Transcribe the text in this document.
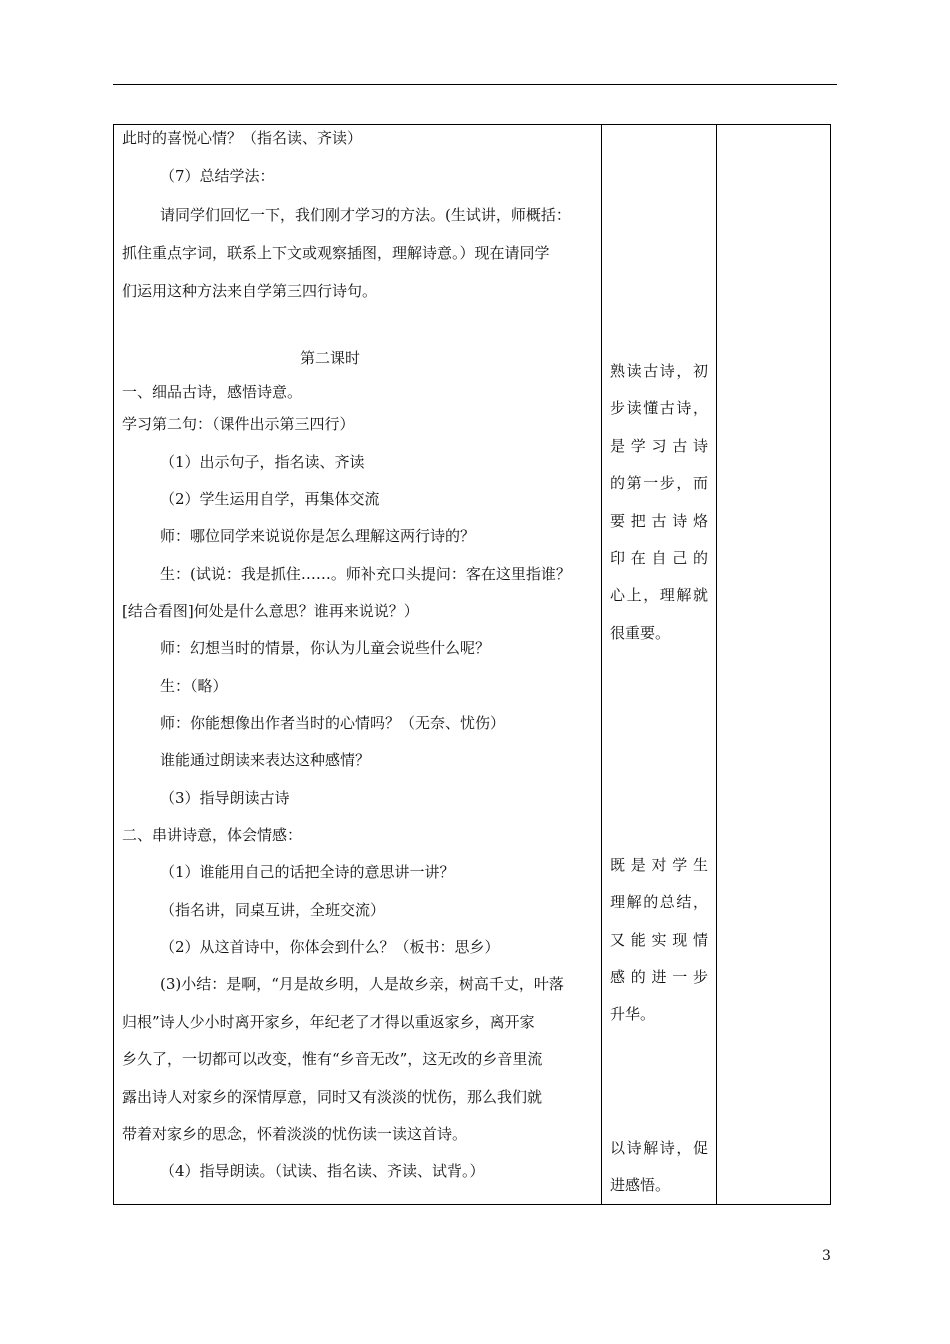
此时的喜悦心情？（指名读、齐读）
（7）总结学法：
请同学们回忆一下，我们刚才学习的方法。(生试讲，师概括：
抓住重点字词，联系上下文或观察插图，理解诗意。）现在请同学
们运用这种方法来自学第三四行诗句。
第二课时
一、细品古诗，感悟诗意。
学习第二句：（课件出示第三四行）
（1）出示句子，指名读、齐读
（2）学生运用自学，再集体交流
师：哪位同学来说说你是怎么理解这两行诗的？
生：(试说：我是抓住……。师补充口头提问：客在这里指谁？
[结合看图]何处是什么意思？谁再来说说？）
师：幻想当时的情景，你认为儿童会说些什么呢？
生：（略）
师：你能想像出作者当时的心情吗？（无奈、忧伤）
谁能通过朗读来表达这种感情？
（3）指导朗读古诗
二、串讲诗意，体会情感：
（1）谁能用自己的话把全诗的意思讲一讲？
（指名讲，同桌互讲，全班交流）
（2）从这首诗中，你体会到什么？（板书：思乡）
(3)小结：是啊，“月是故乡明，人是故乡亲，树高千丈，叶落
归根”诗人少小时离开家乡，年纪老了才得以重返家乡，离开家
乡久了，一切都可以改变，惟有“乡音无改”，这无改的乡音里流
露出诗人对家乡的深情厚意，同时又有淡淡的忧伤，那么我们就
带着对家乡的思念，怀着淡淡的忧伤读一读这首诗。
（4）指导朗读。（试读、指名读、齐读、试背。）
熟读古诗，初
步读懂古诗，
是学习古诗
的第一步，而
要把古诗烙
印在自己的
心上，理解就
很重要。
既是对学生
理解的总结，
又能实现情
感的进一步
升华。
以诗解诗，促
进感悟。
3
